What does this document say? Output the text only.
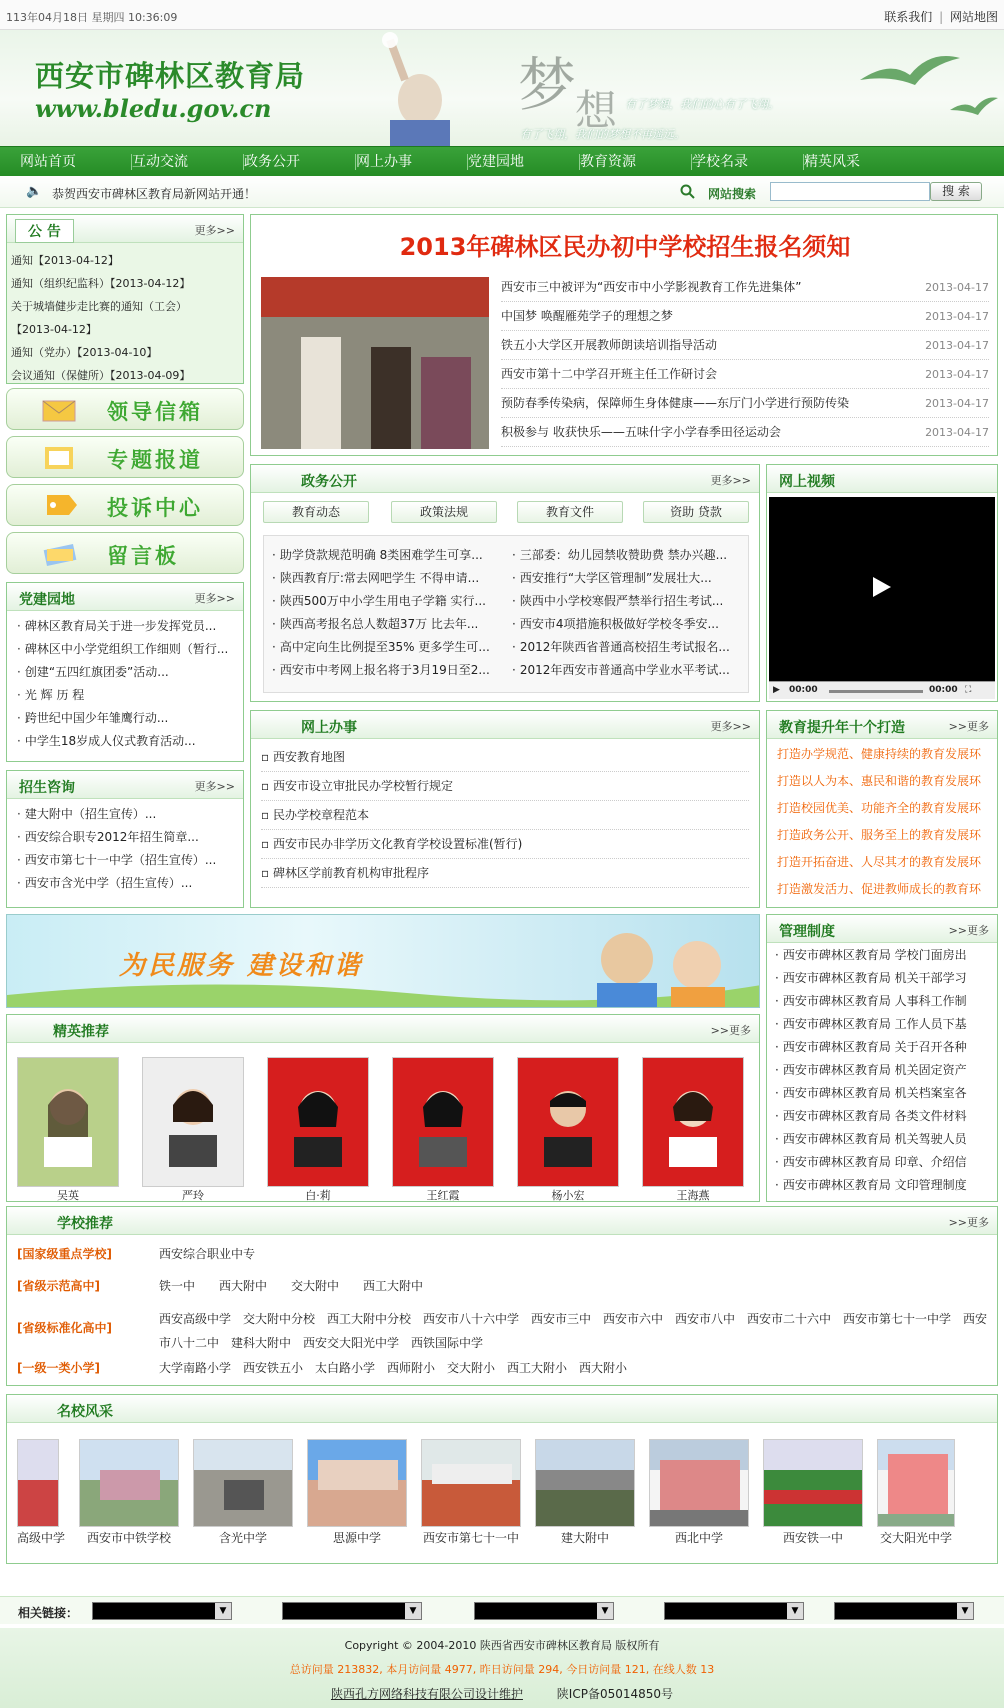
113年04月18日 星期四 10:36:09	联系我们 | 网站地图
西安市碑林区教育局
www.bledu.gov.cn	梦
想 有了梦想，我们的心有了飞翔。
有了飞翔，我们的梦想不再遥远。
网站首页	互动交流	政务公开	网上办事	党建园地	教育资源	学校名录	精英风采
🔈 恭贺西安市碑林区教育局新网站开通！	网站搜索	搜 索
公 告	更多>>
通知【2013-04-12】
通知（组织纪监科）【2013-04-12】
关于城墙健步走比赛的通知（工会）
【2013-04-12】
通知（党办）【2013-04-10】
会议通知（保健所）【2013-04-09】
领导信箱
专题报道
投诉中心
留言板
党建园地	更多>>
· 碑林区教育局关于进一步发挥党员...
· 碑林区中小学党组织工作细则（暂行...
· 创建“五四红旗团委”活动...
· 光 辉 历 程
· 跨世纪中国少年雏鹰行动...
· 中学生18岁成人仪式教育活动...
招生咨询	更多>>
· 建大附中（招生宣传）...
· 西安综合职专2012年招生简章...
· 西安市第七十一中学（招生宣传）...
· 西安市含光中学（招生宣传）...
2013年碑林区民办初中学校招生报名须知
西安市三中被评为“西安市中小学影视教育工作先进集体”	2013-04-17
中国梦 唤醒雁苑学子的理想之梦	2013-04-17
铁五小大学区开展教师朗读培训指导活动	2013-04-17
西安市第十二中学召开班主任工作研讨会	2013-04-17
预防春季传染病，保障师生身体健康——东厅门小学进行预防传染	2013-04-17
积极参与 收获快乐——五味什字小学春季田径运动会	2013-04-17
政务公开	更多>>
教育动态	政策法规	教育文件	资助 贷款
· 助学贷款规范明确 8类困难学生可享...
· 陕西教育厅:常去网吧学生 不得申请...
· 陕西500万中小学生用电子学籍 实行...
· 陕西高考报名总人数超37万 比去年...
· 高中定向生比例提至35% 更多学生可...
· 西安市中考网上报名将于3月19日至2...
· 三部委：幼儿园禁收赞助费 禁办兴趣...
· 西安推行“大学区管理制”发展壮大...
· 陕西中小学校寒假严禁举行招生考试...
· 西安市4项措施积极做好学校冬季安...
· 2012年陕西省普通高校招生考试报名...
· 2012年西安市普通高中学业水平考试...
网上视频
▶ 00:00	00:00 ⛶
网上办事	更多>>
▫ 西安教育地图
▫ 西安市设立审批民办学校暂行规定
▫ 民办学校章程范本
▫ 西安市民办非学历文化教育学校设置标准(暂行)
▫ 碑林区学前教育机构审批程序
教育提升年十个打造	>>更多
打造办学规范、健康持续的教育发展环
打造以人为本、惠民和谐的教育发展环
打造校园优美、功能齐全的教育发展环
打造政务公开、服务至上的教育发展环
打造开拓奋进、人尽其才的教育发展环
打造激发活力、促进教师成长的教育环
为民服务 建设和谐
管理制度	>>更多
· 西安市碑林区教育局 学校门面房出
· 西安市碑林区教育局 机关干部学习
· 西安市碑林区教育局 人事科工作制
· 西安市碑林区教育局 工作人员下基
· 西安市碑林区教育局 关于召开各种
· 西安市碑林区教育局 机关固定资产
· 西安市碑林区教育局 机关档案室各
· 西安市碑林区教育局 各类文件材料
· 西安市碑林区教育局 机关驾驶人员
· 西安市碑林区教育局 印章、介绍信
· 西安市碑林区教育局 文印管理制度
精英推荐	>>更多
吴英	严玲	白·莉	王红霞	杨小宏	王海燕
学校推荐	>>更多
[国家级重点学校]	西安综合职业中专
[省级示范高中]	铁一中　　西大附中　　交大附中　　西工大附中
[省级标准化高中]
西安高级中学　交大附中分校　西工大附中分校　西安市八十六中学　西安市三中　西安市六中　西安市八中　西安市二十六中　西安市第七十一中学　西安市八十二中　建科大附中　西安交大阳光中学　西铁国际中学
[一级一类小学]	大学南路小学　西安铁五小　太白路小学　西师附小　交大附小　西工大附小　西大附小
名校风采
高级中学	西安市中铁学校	含光中学	思源中学	西安市第七十一中	建大附中	西北中学	西安铁一中	交大阳光中学
相关链接：	▼	▼	▼	▼	▼
Copyright © 2004-2010 陕西省西安市碑林区教育局 版权所有
总访问量 213832, 本月访问量 4977, 昨日访问量 294, 今日访问量 121, 在线人数 13
陕西孔方网络科技有限公司设计维护	陕ICP备05014850号
